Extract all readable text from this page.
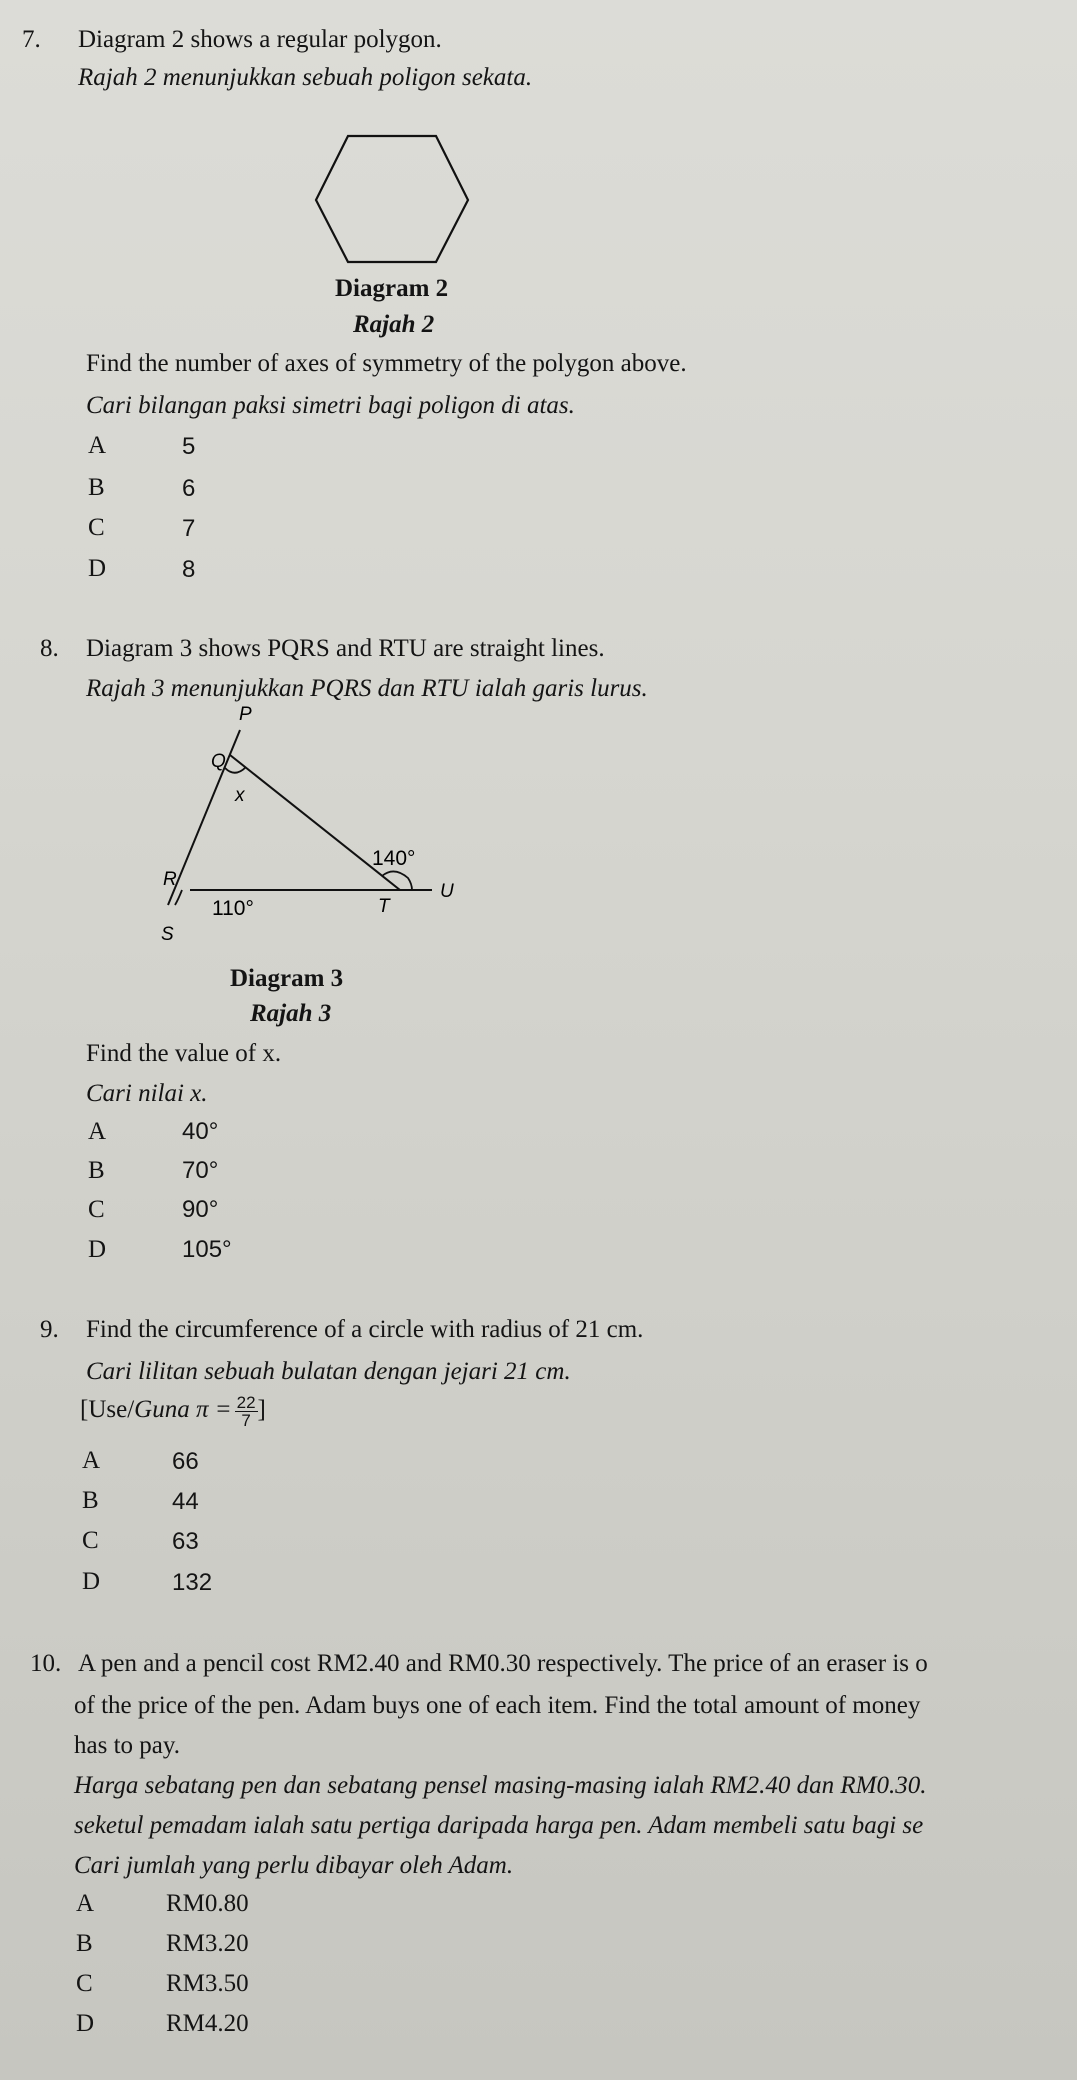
7. Diagram 2 shows a regular polygon.
Rajah 2 menunjukkan sebuah poligon sekata.
Diagram 2
Rajah 2
Find the number of axes of symmetry of the polygon above.
Cari bilangan paksi simetri bagi poligon di atas.
A	5
B	6
C	7
D	8
8. Diagram 3 shows PQRS and RTU are straight lines.
Rajah 3 menunjukkan PQRS dan RTU ialah garis lurus.
P
Q
x
140°
R
U
110°	T
S
Diagram 3
Rajah 3
Find the value of x.
Cari nilai x.
A	40°
B	70°
C	90°
D	105°
9. Find the circumference of a circle with radius of 21 cm.
Cari lilitan sebuah bulatan dengan jejari 21 cm.
[Use/Guna $\pi = \frac{22}{7}$ ]
A	66
B	44
C	63
D	132
10. A pen and a pencil cost RM2.40 and RM0.30 respectively. The price of an eraser is o
of the price of the pen. Adam buys one of each item. Find the total amount of money
has to pay.
Harga sebatang pen dan sebatang pensel masing-masing ialah RM2.40 dan RM0.30.
seketul pemadam ialah satu pertiga daripada harga pen. Adam membeli satu bagi se
Cari jumlah yang perlu dibayar oleh Adam.
A	RM0.80
B	RM3.20
C	RM3.50
D	RM4.20
